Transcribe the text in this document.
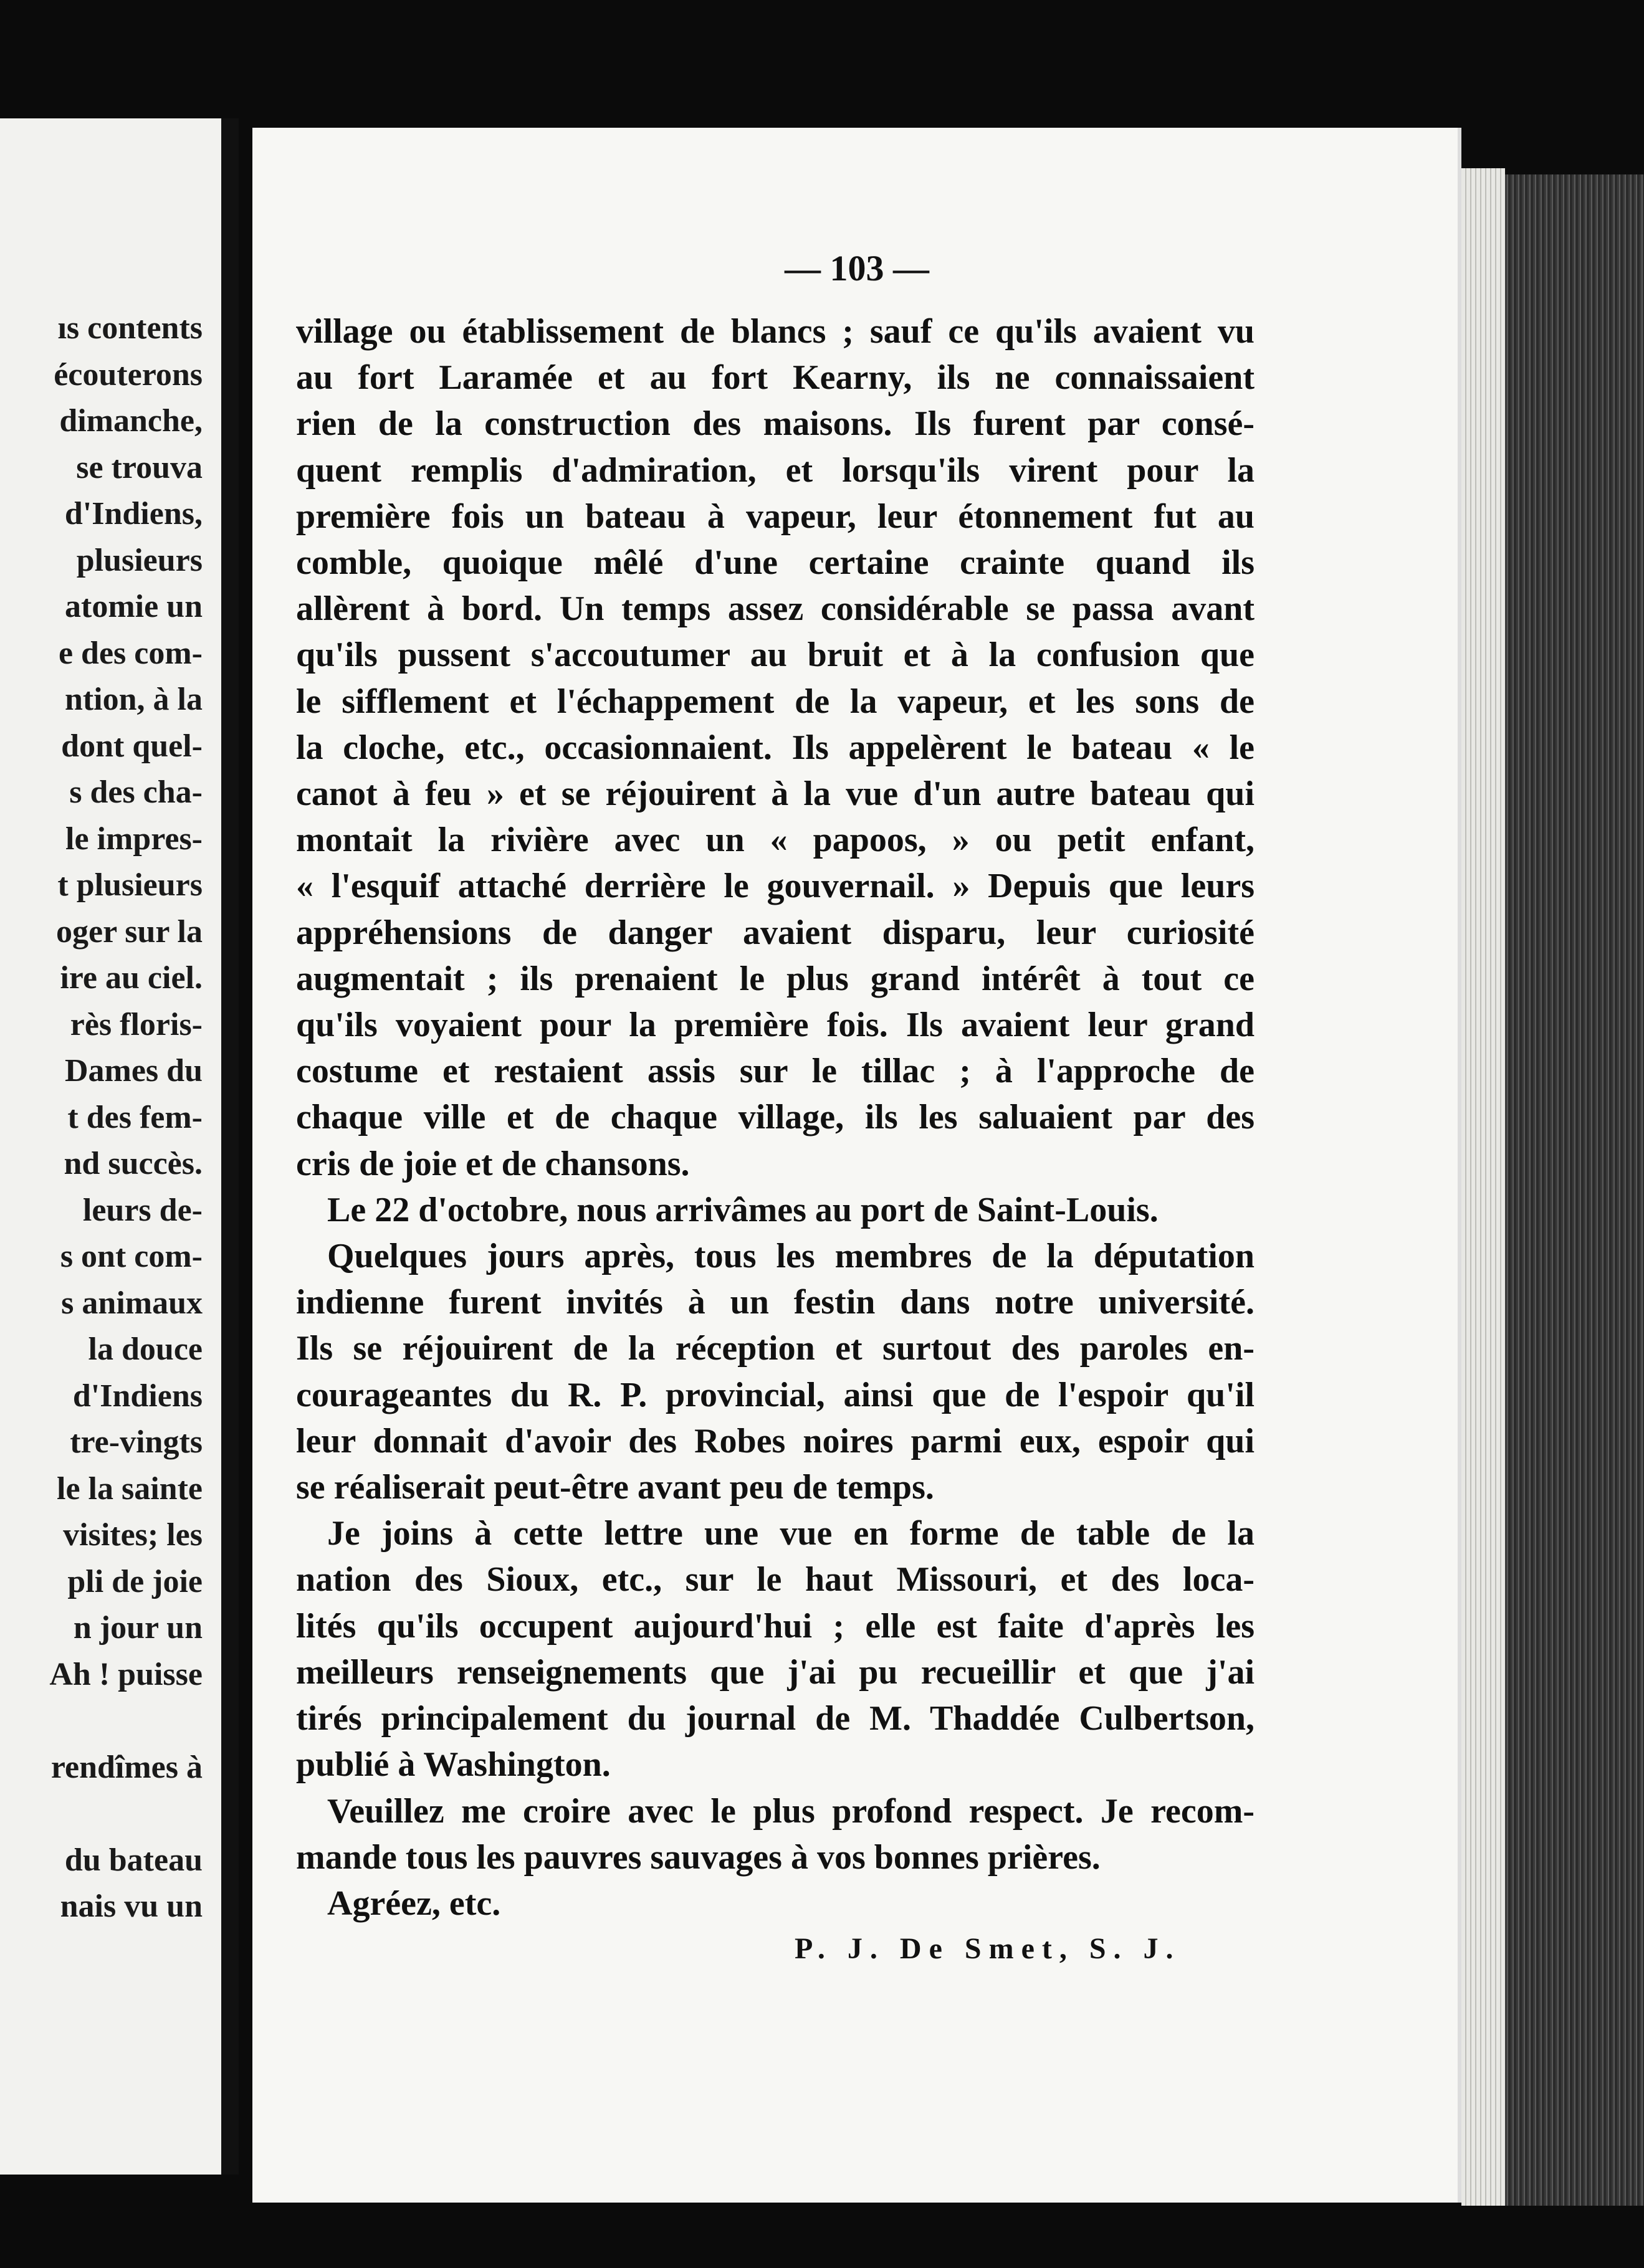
ıs contents
écouterons
dimanche,
se trouva
d'Indiens,
plusieurs
atomie un
e des com-
ntion, à la
dont quel-
s des cha-
le impres-
t plusieurs
oger sur la
ire au ciel.
rès floris-
Dames du
t des fem-
nd succès.
leurs de-
s ont com-
s animaux
la douce
d'Indiens
tre-vingts
le la sainte
visites; les
pli de joie
n jour un
Ah ! puisse
rendîmes à
du bateau
nais vu un
— 103 —
village ou établissement de blancs ; sauf ce qu'ils avaient vu
au fort Laramée et au fort Kearny, ils ne connaissaient
rien de la construction des maisons. Ils furent par consé-
quent remplis d'admiration, et lorsqu'ils virent pour la
première fois un bateau à vapeur, leur étonnement fut au
comble, quoique mêlé d'une certaine crainte quand ils
allèrent à bord. Un temps assez considérable se passa avant
qu'ils pussent s'accoutumer au bruit et à la confusion que
le sifflement et l'échappement de la vapeur, et les sons de
la cloche, etc., occasionnaient. Ils appelèrent le bateau « le
canot à feu » et se réjouirent à la vue d'un autre bateau qui
montait la rivière avec un « papoos, » ou petit enfant,
« l'esquif attaché derrière le gouvernail. » Depuis que leurs
appréhensions de danger avaient disparu, leur curiosité
augmentait ; ils prenaient le plus grand intérêt à tout ce
qu'ils voyaient pour la première fois. Ils avaient leur grand
costume et restaient assis sur le tillac ; à l'approche de
chaque ville et de chaque village, ils les saluaient par des
cris de joie et de chansons.
Le 22 d'octobre, nous arrivâmes au port de Saint-Louis.
Quelques jours après, tous les membres de la députation
indienne furent invités à un festin dans notre université.
Ils se réjouirent de la réception et surtout des paroles en-
courageantes du R. P. provincial, ainsi que de l'espoir qu'il
leur donnait d'avoir des Robes noires parmi eux, espoir qui
se réaliserait peut-être avant peu de temps.
Je joins à cette lettre une vue en forme de table de la
nation des Sioux, etc., sur le haut Missouri, et des loca-
lités qu'ils occupent aujourd'hui ; elle est faite d'après les
meilleurs renseignements que j'ai pu recueillir et que j'ai
tirés principalement du journal de M. Thaddée Culbertson,
publié à Washington.
Veuillez me croire avec le plus profond respect. Je recom-
mande tous les pauvres sauvages à vos bonnes prières.
Agréez, etc.
P. J. De Smet, S. J.
